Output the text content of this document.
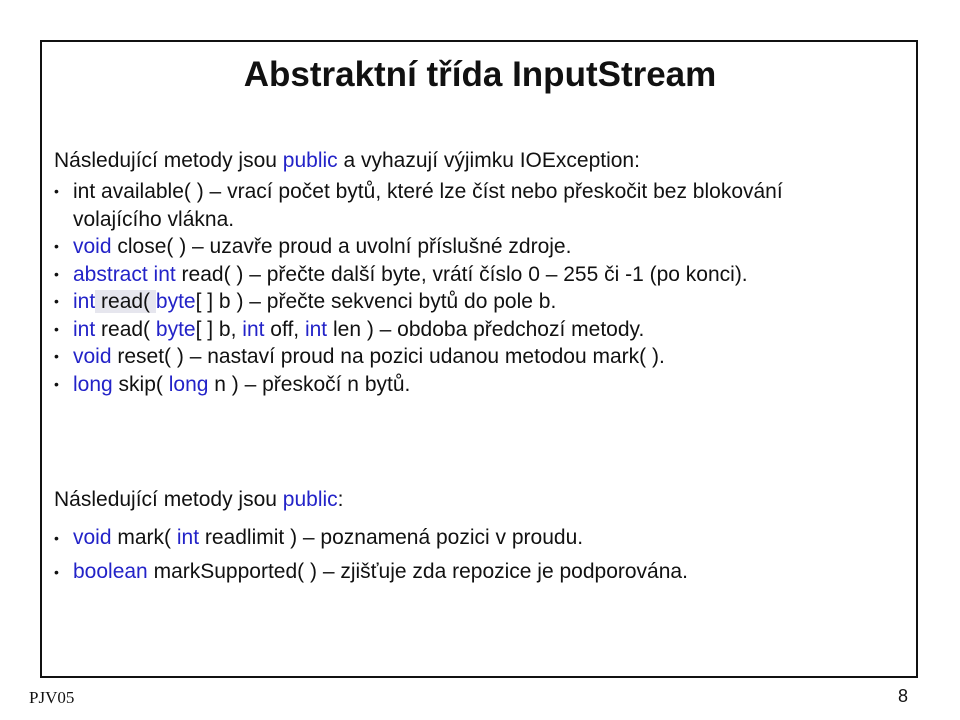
Abstraktní třída InputStream
Následující metody jsou public a vyhazují výjimku IOException:
• int available( ) – vrací počet bytů, které lze číst nebo přeskočit bez blokování volajícího vlákna.
• void close( ) – uzavře proud a uvolní příslušné zdroje.
• abstract int read( ) – přečte další byte, vrátí číslo 0 – 255 či -1 (po konci).
• int read( byte[ ] b ) – přečte sekvenci bytů do pole b.
• int read( byte[ ] b, int off, int len ) – obdoba předchozí metody.
• void reset( ) – nastaví proud na pozici udanou metodou mark( ).
• long skip( long n ) – přeskočí n bytů.
Následující metody jsou public:
• void mark( int readlimit ) – poznamená pozici v proudu.
• boolean markSupported( ) – zjišťuje zda repozice je podporována.
PJV05	8
